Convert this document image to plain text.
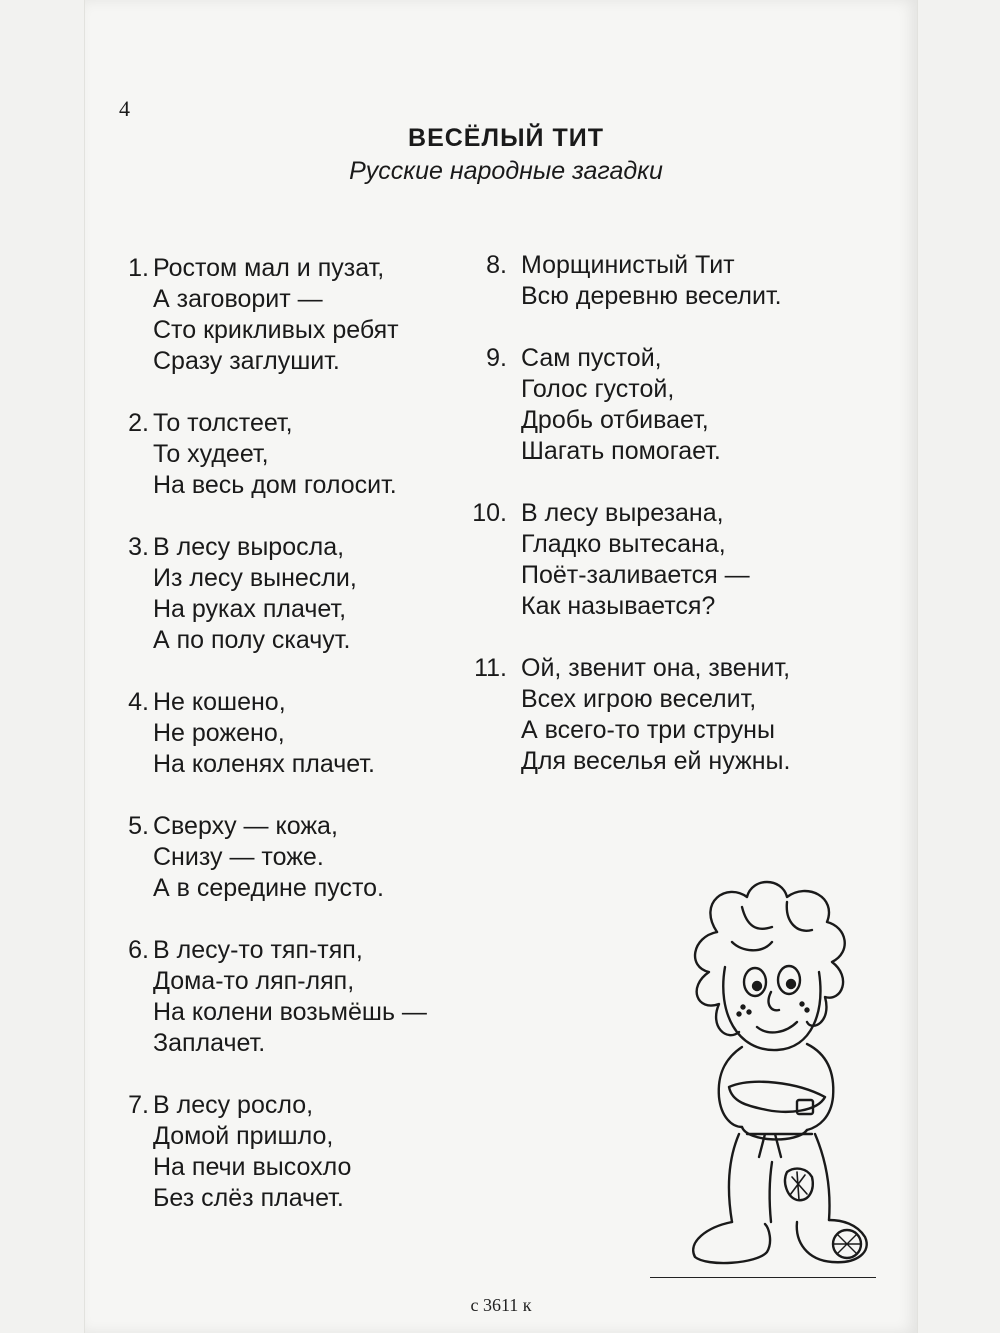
4
ВЕСЁЛЫЙ ТИТ
Русские народные загадки
1. Ростом мал и пузат,
А заговорит —
Сто крикливых ребят
Сразу заглушит.
2. То толстеет,
То худеет,
На весь дом голосит.
3. В лесу выросла,
Из лесу вынесли,
На руках плачет,
А по полу скачут.
4. Не кошено,
Не рожено,
На коленях плачет.
5. Сверху — кожа,
Снизу — тоже.
А в середине пусто.
6. В лесу-то тяп-тяп,
Дома-то ляп-ляп,
На колени возьмёшь —
Заплачет.
7. В лесу росло,
Домой пришло,
На печи высохло
Без слёз плачет.
8. Морщинистый Тит
Всю деревню веселит.
9. Сам пустой,
Голос густой,
Дробь отбивает,
Шагать помогает.
10. В лесу вырезана,
Гладко вытесана,
Поёт-заливается —
Как называется?
11. Ой, звенит она, звенит,
Всех игрою веселит,
А всего-то три струны
Для веселья ей нужны.
с 3611 к
